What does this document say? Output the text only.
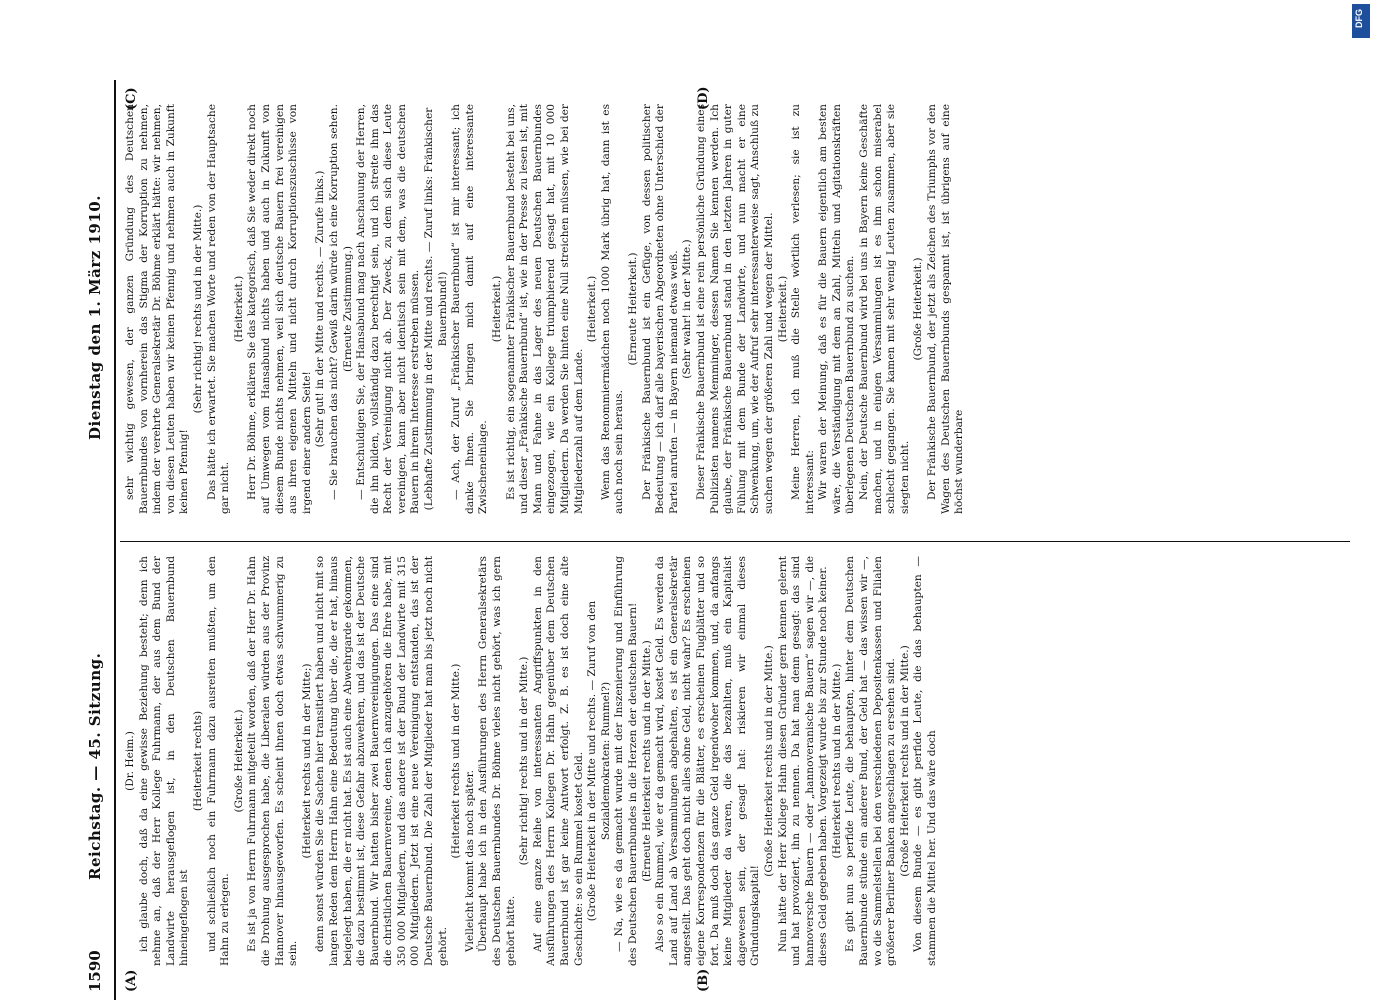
1590
Reichstag. — 45. Sitzung.
Dienstag den 1. März 1910.
(A)	(B)
(C)	(D)

(Dr. Heim.) ich glaube doch, daß da eine gewisse Beziehung besteht; denn ich nehme an, daß der Herr Kollege Fuhrmann, der aus dem Bund der Landwirte herausgeflogen ist, in den Deutschen Bauernbund hineingeflogen ist

(Heiterkeit rechts) und schließlich noch ein Fuhrmann dazu ausreiten mußten, um den Hahn zu erlegen.

(Große Heiterkeit.) Es ist ja von Herrn Fuhrmann mitgeteilt worden, daß der Herr Dr. Hahn die Drohung ausgesprochen habe, die Liberalen würden aus der Provinz Hannover hinausgeworfen. Es scheint ihnen doch etwas schwummerig zu sein.

(Heiterkeit rechts und in der Mitte;) denn sonst würden Sie die Sachen hier transitiert haben und nicht mit so langen Reden dem Herrn Hahn eine Bedeutung über die, die er hat, hinaus beigelegt haben, die er nicht hat. Es ist auch eine Abwehrgarde gekommen, die dazu bestimmt ist, diese Gefahr abzuwehren, und das ist der Deutsche Bauernbund. Wir hatten bisher zwei Bauernvereinigungen. Das eine sind die christlichen Bauernvereine, denen ich anzugehören die Ehre habe, mit 350 000 Mitgliedern, und das andere ist der Bund der Landwirte mit 315 000 Mitgliedern. Jetzt ist eine neue Vereinigung entstanden, das ist der Deutsche Bauernbund. Die Zahl der Mitglieder hat man bis jetzt noch nicht gehört.

(Heiterkeit rechts und in der Mitte.)

Vielleicht kommt das noch später. Überhaupt habe ich in den Ausführungen des Herrn Generalsekretärs des Deutschen Bauernbundes Dr. Böhme vieles nicht gehört, was ich gern gehört hätte.

(Sehr richtig! rechts und in der Mitte.) Auf eine ganze Reihe von interessanten Angriffspunkten in den Ausführungen des Herrn Kollegen Dr. Hahn gegenüber dem Deutschen Bauernbund ist gar keine Antwort erfolgt. Z. B. es ist doch eine alte Geschichte: so ein Rummel kostet Geld. (Große Heiterkeit in der Mitte und rechts. — Zuruf von den Sozialdemokraten: Rummel?) — Na, wie es da gemacht wurde mit der Inszenierung und Einführung des Deutschen Bauernbundes in die Herzen der deutschen Bauern! (Erneute Heiterkeit rechts und in der Mitte.) Also so ein Rummel, wie er da gemacht wird, kostet Geld. Es werden da Land auf Land ab Versammlungen abgehalten, es ist ein Generalsekretär angestellt. Das geht doch nicht alles ohne Geld, nicht wahr? Es erscheinen eigene Korrespondenzen für die Blätter, es erscheinen Flugblätter und so fort. Da muß doch das ganze Geld irgendwoher kommen, und, da anfangs keine Mitglieder da waren, die das bezahlten, muß ein Kapitalist dagewesen sein, der gesagt hat: riskieren wir einmal dieses Gründungskapital!

(Große Heiterkeit rechts und in der Mitte.) Nun hätte der Herr Kollege Hahn diesen Gründer gern kennen gelernt und hat provoziert, ihn zu nennen. Da hat man denn gesagt: das sind hannoversche Bauern — oder „hannoveranische Bauern“ sagen wir —, die dieses Geld gegeben haben. Vorgezeigt wurde bis zur Stunde noch keiner. (Heiterkeit rechts und in der Mitte.) Es gibt nun so perfide Leute, die behaupten, hinter dem Deutschen Bauernbunde stünde ein anderer Bund, der Geld hat — das wissen wir —, wo die Sammelstellen bei den verschiedenen Depositenkassen und Filialen größerer Berliner Banken angeschlagen zu ersehen sind. (Große Heiterkeit rechts und in der Mitte.) Von diesem Bunde — es gibt perfide Leute, die das behaupten — stammen die Mittel her. Und das wäre doch

sehr wichtig gewesen, der ganzen Gründung des Deutschen Bauernbundes von vornherein das Stigma der Korruption zu nehmen, indem der verehrte Generalsekretär Dr. Böhme erklärt hätte: wir nehmen, von diesen Leuten haben wir keinen Pfennig und nehmen auch in Zukunft keinen Pfennig!

(Sehr richtig! rechts und in der Mitte.) Das hätte ich erwartet. Sie machen Worte und reden von der Hauptsache gar nicht.

(Heiterkeit.) Herr Dr. Böhme, erklären Sie das kategorisch, daß Sie weder direkt noch auf Umwegen vom Hansabund nichts haben und auch in Zukunft von diesem Bunde nichts nehmen, weil sich deutsche Bauern frei vereinigen aus ihren eigenen Mitteln und nicht durch Korruptionszuschüsse von irgend einer andern Seite! (Sehr gut! in der Mitte und rechts. — Zurufe links.) — Sie brauchen das nicht? Gewiß darin würde ich eine Korruption sehen. (Erneute Zustimmung.) — Entschuldigen Sie, der Hansabund mag nach Anschauung der Herren, die ihn bilden, vollständig dazu berechtigt sein, und ich streite ihm das Recht der Vereinigung nicht ab. Der Zweck, zu dem sich diese Leute vereinigen, kann aber nicht identisch sein mit dem, was die deutschen Bauern in ihrem Interesse erstreben müssen. (Lebhafte Zustimmung in der Mitte und rechts. — Zuruf links: Fränkischer Bauernbund!) — Ach, der Zuruf „Fränkischer Bauernbund“ ist mir interessant; ich danke Ihnen. Sie bringen mich damit auf eine interessante Zwischeneinlage.

(Heiterkeit.) Es ist richtig, ein sogenannter Fränkischer Bauernbund besteht bei uns, und dieser „Fränkische Bauernbund“ ist, wie in der Presse zu lesen ist, mit Mann und Fahne in das Lager des neuen Deutschen Bauernbundes eingezogen, wie ein Kollege triumphierend gesagt hat, mit 10 000 Mitgliedern. Da werden Sie hinten eine Null streichen müssen, wie bei der Mitgliederzahl auf dem Lande.

(Heiterkeit.) Wenn das Renommiermädchen noch 1000 Mark übrig hat, dann ist es auch noch sein heraus.

(Erneute Heiterkeit.) Der Fränkische Bauernbund ist ein Gefüge, von dessen politischer Bedeutung — ich darf alle bayerischen Abgeordneten ohne Unterschied der Partei anrufen — in Bayern niemand etwas weiß. (Sehr wahr! in der Mitte.) Dieser Fränkische Bauernbund ist eine rein persönliche Gründung eines Publizisten namens Memminger, dessen Namen Sie kennen werden. Ich glaube, der Fränkische Bauernbund stand in den letzten Jahren in guter Fühlung mit dem Bunde der Landwirte, und nun macht er eine Schwenkung, um, wie der Aufruf sehr interessanterweise sagt, Anschluß zu suchen wegen der größeren Zahl und wegen der Mittel. (Heiterkeit.) Meine Herren, ich muß die Stelle wörtlich verlesen; sie ist zu interessant: Wir waren der Meinung, daß es für die Bauern eigentlich am besten wäre, die Verständigung mit dem an Zahl, Mitteln und Agitationskräften überlegenen Deutschen Bauernbund zu suchen. Nein, der Deutsche Bauernbund wird bei uns in Bayern keine Geschäfte machen, und in einigen Versammlungen ist es ihm schon miserabel schlecht gegangen. Sie kamen mit sehr wenig Leuten zusammen, aber sie siegten nicht.

(Große Heiterkeit.) Der Fränkische Bauernbund, der jetzt als Zeichen des Triumphs vor den Wagen des Deutschen Bauernbunds gespannt ist, ist übrigens auf eine höchst wunderbare

DFG
